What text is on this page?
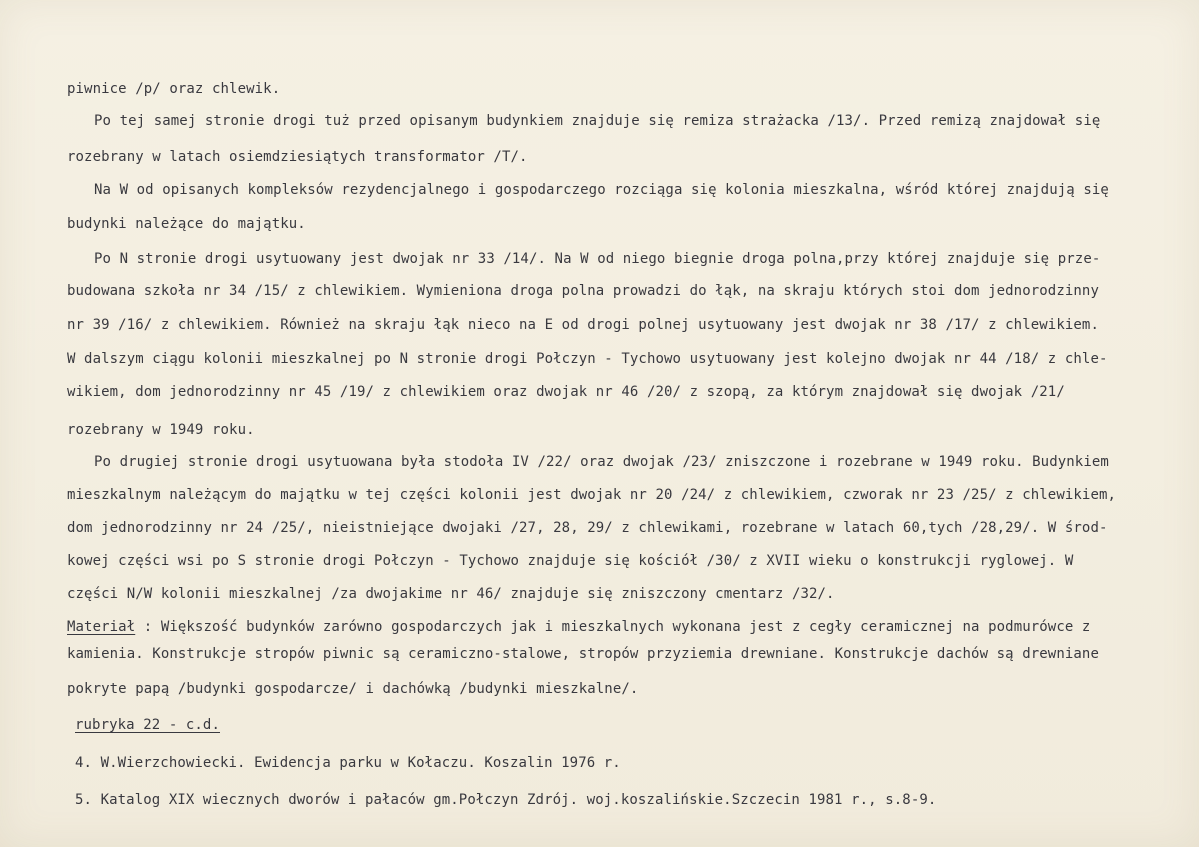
piwnice /p/ oraz chlewik.
Po tej samej stronie drogi tuż przed opisanym budynkiem znajduje się remiza strażacka /13/. Przed remizą znajdował się
rozebrany w latach osiemdziesiątych transformator /T/.
Na W od opisanych kompleksów rezydencjalnego i gospodarczego rozciąga się kolonia mieszkalna, wśród której znajdują się
budynki należące do majątku.
Po N stronie drogi usytuowany jest dwojak nr 33 /14/. Na W od niego biegnie droga polna,przy której znajduje się prze-
budowana szkoła nr 34 /15/ z chlewikiem. Wymieniona droga polna prowadzi do łąk, na skraju których stoi dom jednorodzinny
nr 39 /16/ z chlewikiem. Również na skraju łąk nieco na E od drogi polnej usytuowany jest dwojak nr 38 /17/ z chlewikiem.
W dalszym ciągu kolonii mieszkalnej po N stronie drogi Połczyn - Tychowo usytuowany jest kolejno dwojak nr 44 /18/ z chle-
wikiem, dom jednorodzinny nr 45 /19/ z chlewikiem oraz dwojak nr 46 /20/ z szopą, za którym znajdował się dwojak /21/
rozebrany w 1949 roku.
Po drugiej stronie drogi usytuowana była stodoła IV /22/ oraz dwojak /23/ zniszczone i rozebrane w 1949 roku. Budynkiem
mieszkalnym należącym do majątku w tej części kolonii jest dwojak nr 20 /24/ z chlewikiem, czworak nr 23 /25/ z chlewikiem,
dom jednorodzinny nr 24 /25/, nieistniejące dwojaki /27, 28, 29/ z chlewikami, rozebrane w latach 60,tych /28,29/. W środ-
kowej części wsi po S stronie drogi Połczyn - Tychowo znajduje się kościół /30/ z XVII wieku o konstrukcji ryglowej. W
części N/W kolonii mieszkalnej /za dwojakime nr 46/ znajduje się zniszczony cmentarz /32/.
Materiał : Większość budynków zarówno gospodarczych jak i mieszkalnych wykonana jest z cegły ceramicznej na podmurówce z
kamienia. Konstrukcje stropów piwnic są ceramiczno-stalowe, stropów przyziemia drewniane. Konstrukcje dachów są drewniane
pokryte papą /budynki gospodarcze/ i dachówką /budynki mieszkalne/.
rubryka 22 - c.d.
4. W.Wierzchowiecki. Ewidencja parku w Kołaczu. Koszalin 1976 r.
5. Katalog XIX wiecznych dworów i pałaców gm.Połczyn Zdrój. woj.koszalińskie.Szczecin 1981 r., s.8-9.
